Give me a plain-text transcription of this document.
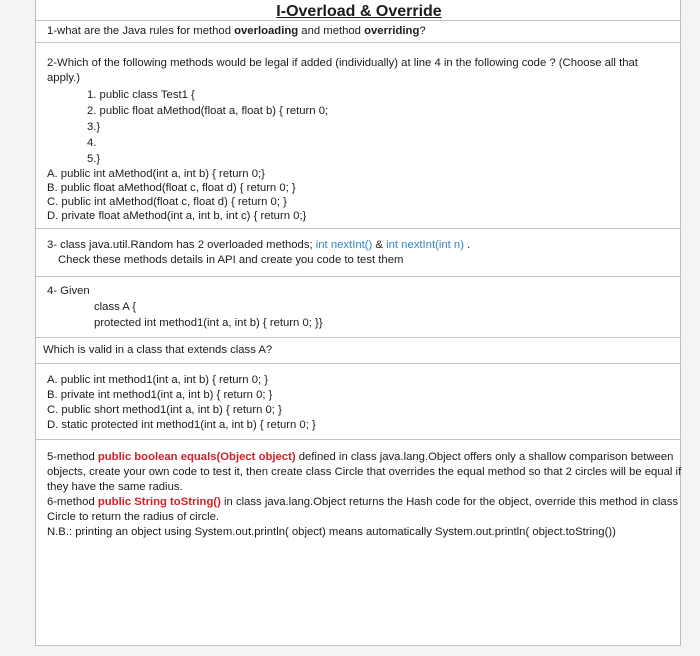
I-Overload & Override
1-what are the Java rules for method overloading and method overriding?
2-Which of the following methods would be legal if added (individually) at line 4 in the following code ? (Choose all that
apply.)
1. public class Test1 {
2. public float aMethod(float a, float b) { return 0;
3.}
4.
5.}
A. public int aMethod(int a, int b) { return 0;}
B. public float aMethod(float c, float d) { return 0; }
C. public int aMethod(float c, float d) { return 0; }
D. private float aMethod(int a, int b, int c) { return 0;}
3- class java.util.Random has 2 overloaded methods; int nextInt() & int nextInt(int n) .
Check these methods details in API and create you code to test them
4- Given
class A {
protected int method1(int a, int b) { return 0; }}
Which is valid in a class that extends class A?
A. public int method1(int a, int b) { return 0; }
B. private int method1(int a, int b) { return 0; }
C. public short method1(int a, int b) { return 0; }
D. static protected int method1(int a, int b) { return 0; }
5-method public boolean equals(Object object) defined in class java.lang.Object offers only a shallow comparison between
objects, create your own code to test it, then create class Circle that overrides the equal method so that 2 circles will be equal if
they have the same radius.
6-method public String toString() in class java.lang.Object returns the Hash code for the object, override this method in class
Circle to return the radius of circle.
N.B.: printing an object using System.out.println( object) means automatically System.out.println( object.toString())
